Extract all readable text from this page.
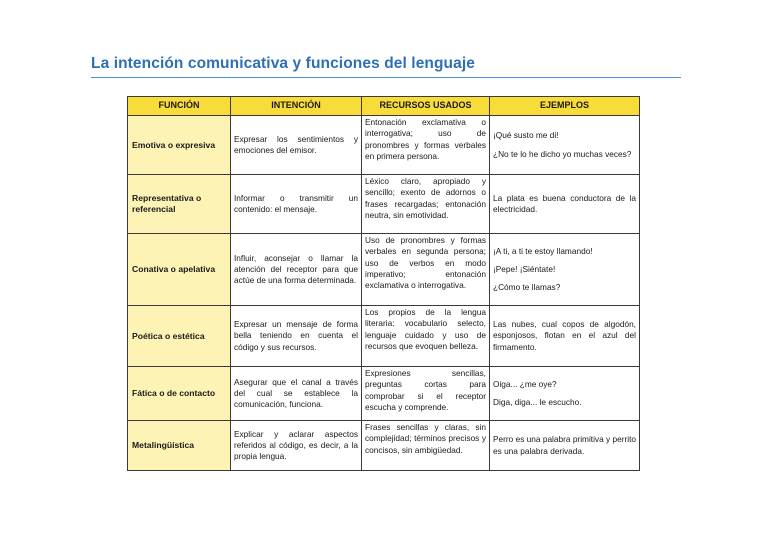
La intención comunicativa y funciones del lenguaje
FUNCIÓN	INTENCIÓN	RECURSOS USADOS	EJEMPLOS
Emotiva o expresiva	Expresar los sentimientos y emociones del emisor.	Entonación exclamativa o interrogativa; uso de pronombres y formas verbales en primera persona.	¡Qué susto me di!

¿No te lo he dicho yo muchas veces?

Representativa o referencial	Informar o transmitir un contenido: el mensaje.	Léxico claro, apropiado y sencillo; exento de adornos o frases recargadas; entonación neutra, sin emotividad.	La plata es buena conductora de la electricidad.

Conativa o apelativa	Influir, aconsejar o llamar la atención del receptor para que actúe de una forma determinada.	Uso de pronombres y formas verbales en segunda persona; uso de verbos en modo imperativo; entonación exclamativa o interrogativa.	¡A ti, a ti te estoy llamando!

¡Pepe! ¡Siéntate!

¿Cómo te llamas?

Poética o estética	Expresar un mensaje de forma bella teniendo en cuenta el código y sus recursos.	Los propios de la lengua literaria: vocabulario selecto, lenguaje cuidado y uso de recursos que evoquen belleza.	Las nubes, cual copos de algodón, esponjosos, flotan en el azul del firmamento.

Fática o de contacto	Asegurar que el canal a través del cual se establece la comunicación, funciona.	Expresiones sencillas, preguntas cortas para comprobar si el receptor escucha y comprende.	Oiga... ¿me oye?

Diga, diga... le escucho.

Metalingüística	Explicar y aclarar aspectos referidos al código, es decir, a la propia lengua.	Frases sencillas y claras, sin complejidad; términos precisos y concisos, sin ambigüedad.	Perro es una palabra primitiva y perrito es una palabra derivada.
